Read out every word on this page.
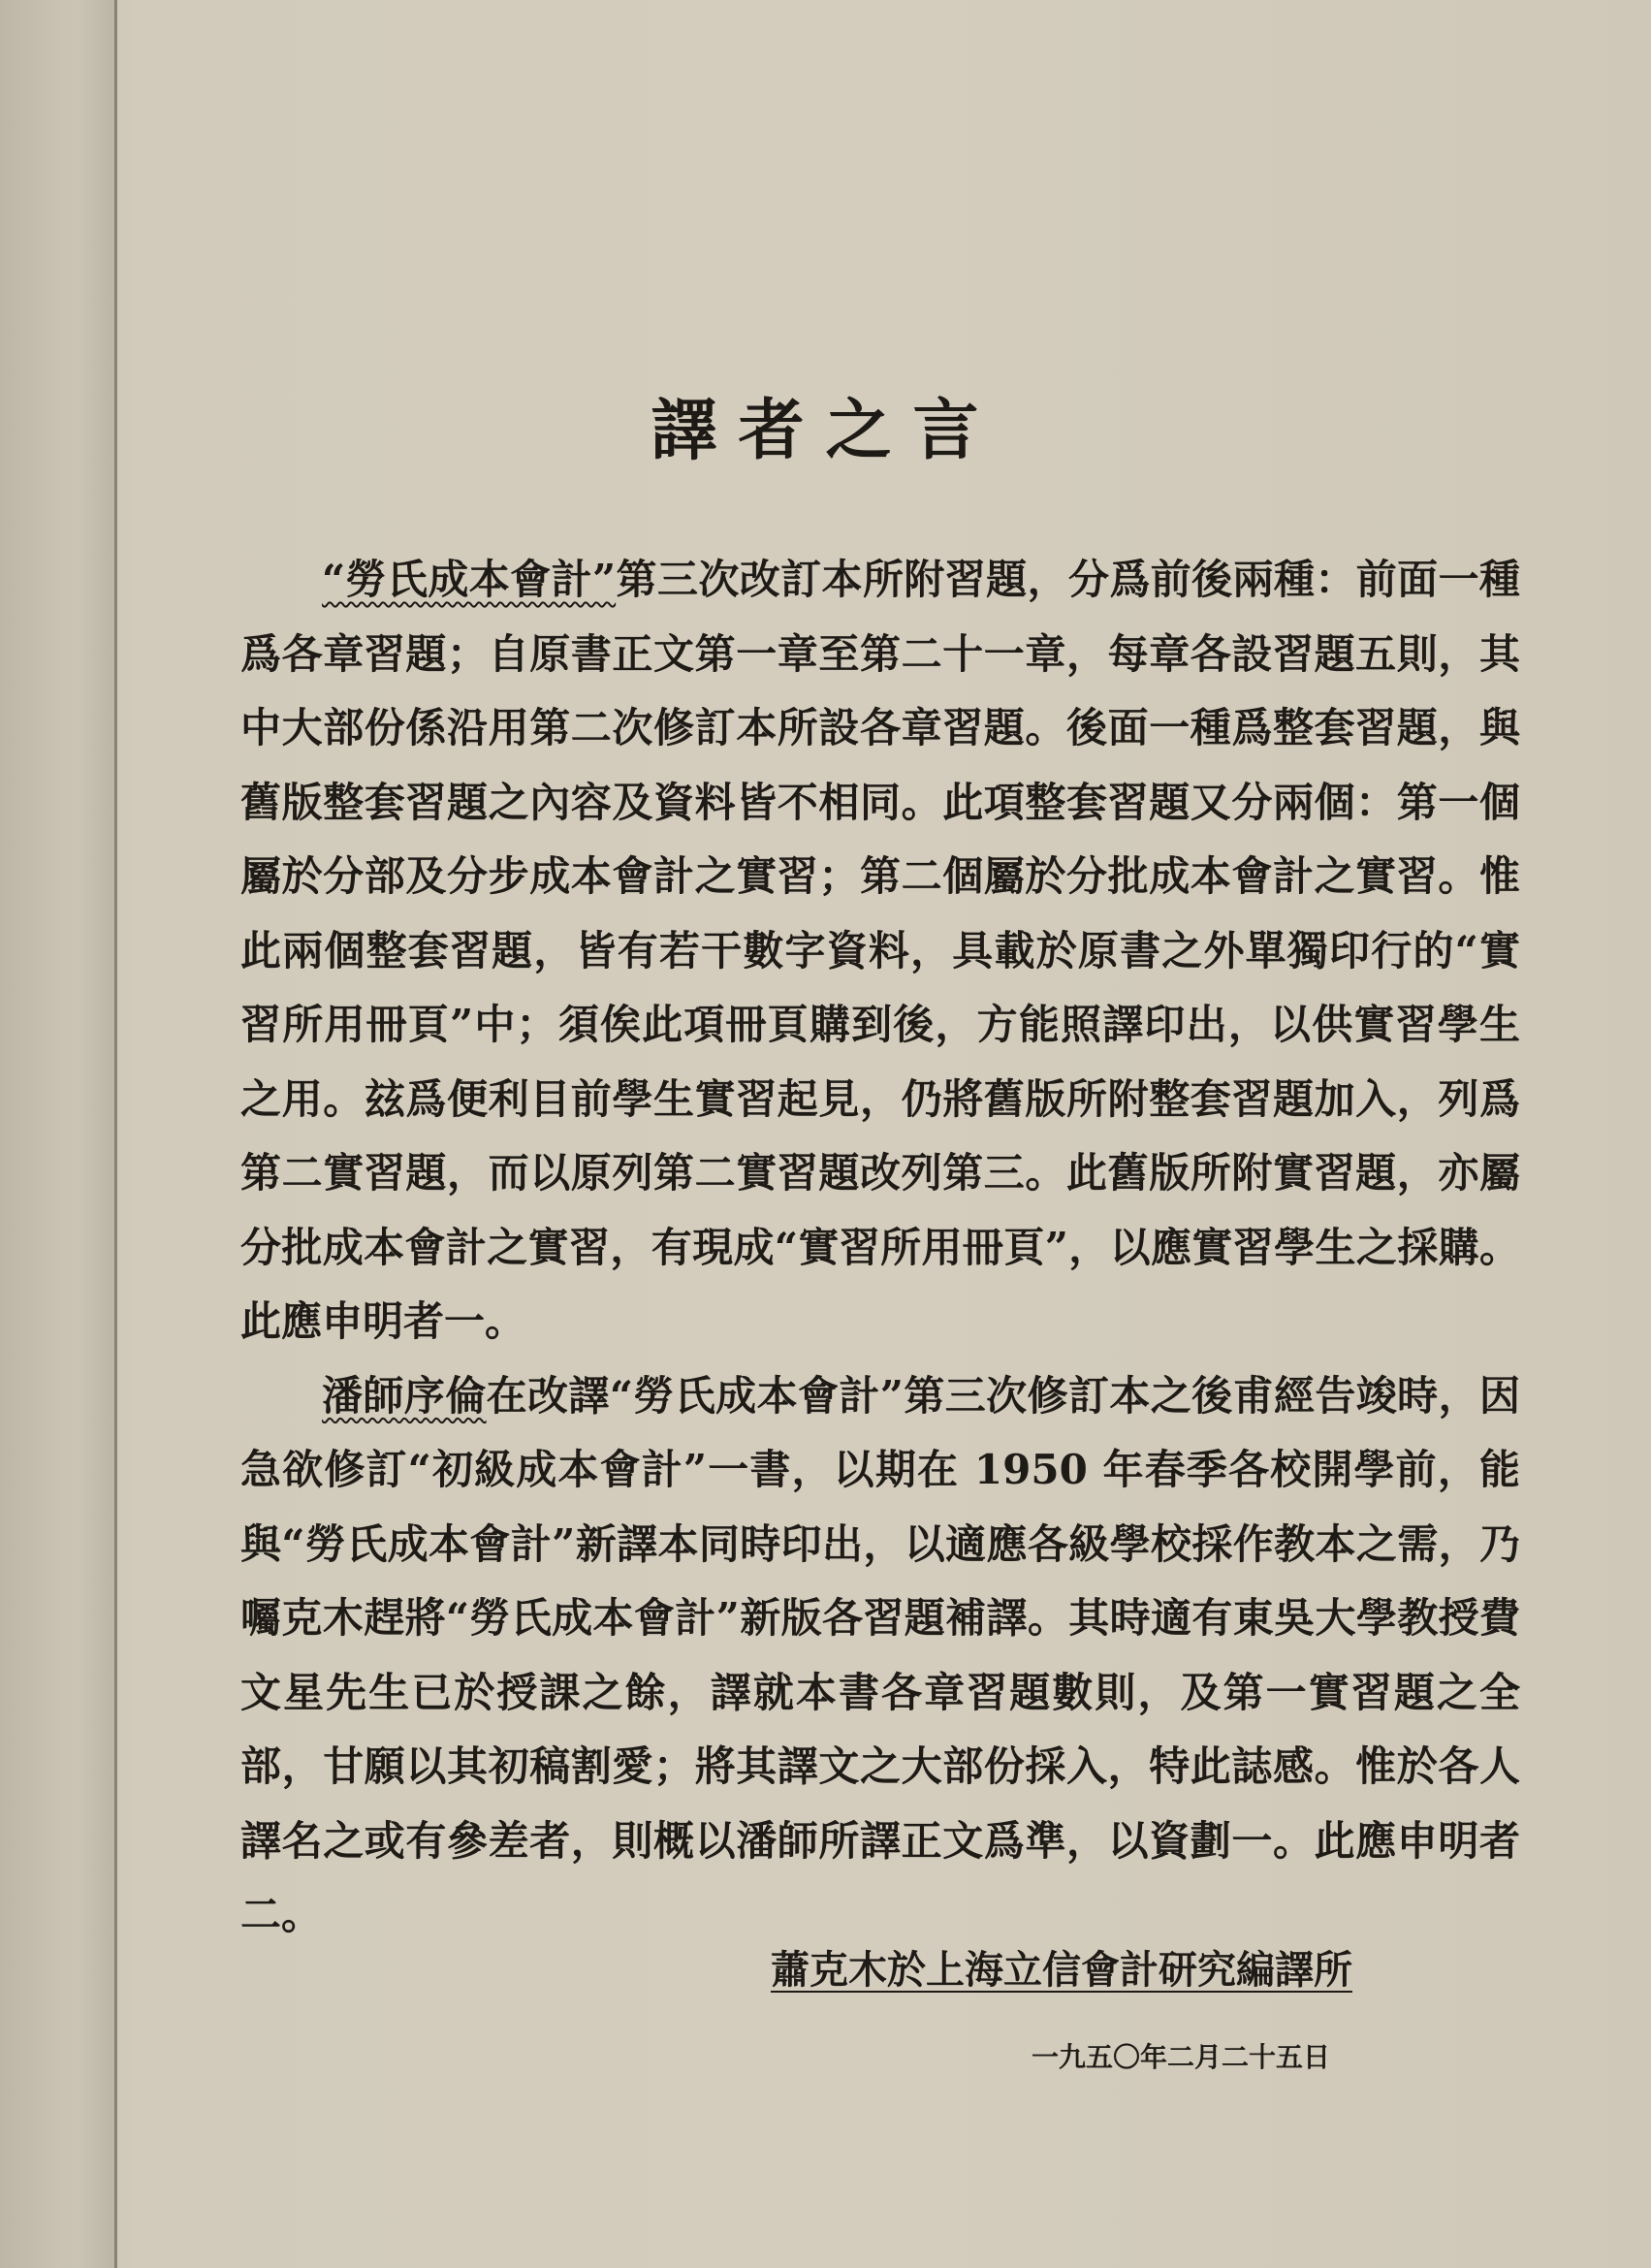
譯者之言

“勞氏成本會計”第三次改訂本所附習題，分爲前後兩種：前面一種爲各章習題；自原書正文第一章至第二十一章，每章各設習題五則，其中大部份係沿用第二次修訂本所設各章習題。後面一種爲整套習題，與舊版整套習題之內容及資料皆不相同。此項整套習題又分兩個：第一個屬於分部及分步成本會計之實習；第二個屬於分批成本會計之實習。惟此兩個整套習題，皆有若干數字資料，具載於原書之外單獨印行的“實習所用冊頁”中；須俟此項冊頁購到後，方能照譯印出，以供實習學生之用。玆爲便利目前學生實習起見，仍將舊版所附整套習題加入，列爲第二實習題，而以原列第二實習題改列第三。此舊版所附實習題，亦屬分批成本會計之實習，有現成“實習所用冊頁”，以應實習學生之採購。此應申明者一。

潘師序倫在改譯“勞氏成本會計”第三次修訂本之後甫經告竣時，因急欲修訂“初級成本會計”一書，以期在 1950 年春季各校開學前，能與“勞氏成本會計”新譯本同時印出，以適應各級學校採作教本之需，乃囑克木趕將“勞氏成本會計”新版各習題補譯。其時適有東吳大學教授費文星先生已於授課之餘，譯就本書各章習題數則，及第一實習題之全部，甘願以其初稿割愛；將其譯文之大部份採入，特此誌感。惟於各人譯名之或有參差者，則概以潘師所譯正文爲準，以資劃一。此應申明者二。

蕭克木於上海立信會計研究編譯所
一九五〇年二月二十五日
